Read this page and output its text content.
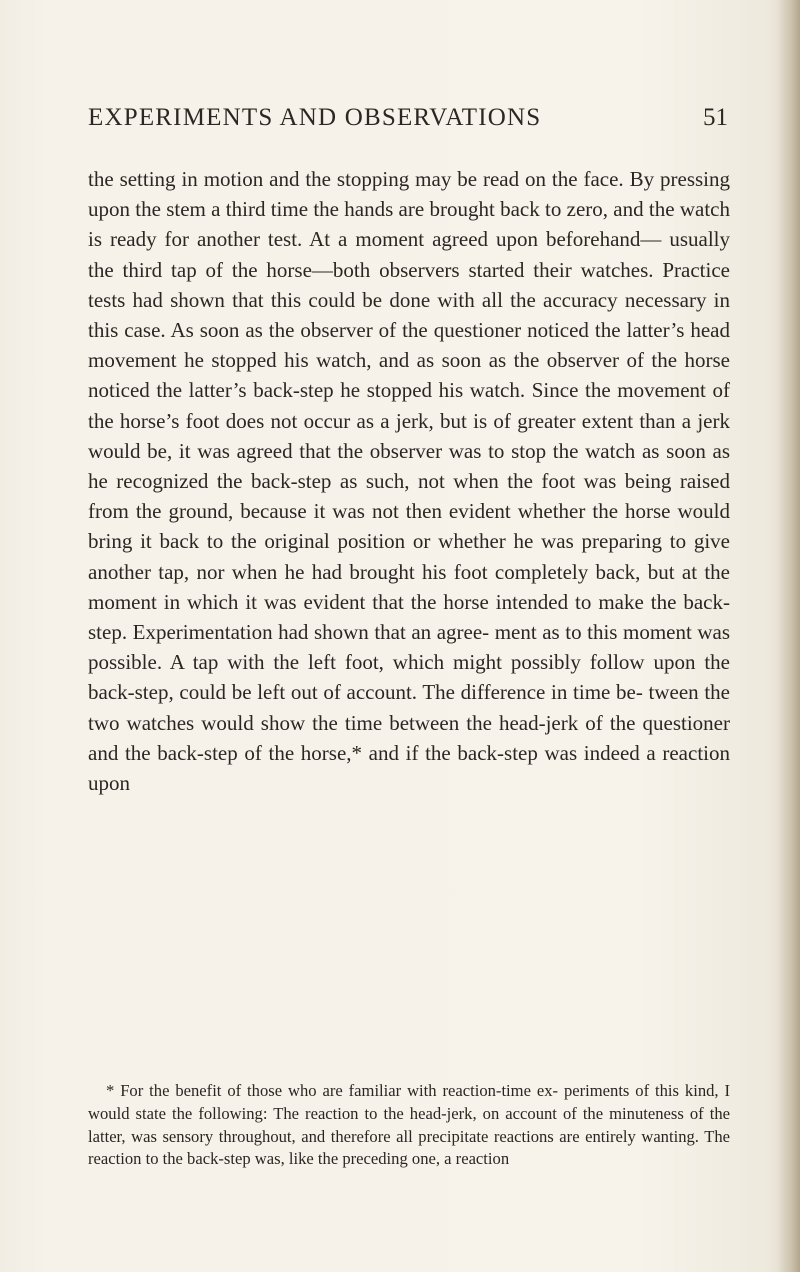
EXPERIMENTS AND OBSERVATIONS	51

the setting in motion and the stopping may be read on the face. By pressing upon the stem a third time the hands are brought back to zero, and the watch is ready for another test. At a moment agreed upon beforehand— usually the third tap of the horse—both observers started their watches. Practice tests had shown that this could be done with all the accuracy necessary in this case. As soon as the observer of the questioner noticed the latter’s head movement he stopped his watch, and as soon as the observer of the horse noticed the latter’s back-step he stopped his watch. Since the movement of the horse’s foot does not occur as a jerk, but is of greater extent than a jerk would be, it was agreed that the observer was to stop the watch as soon as he recognized the back-step as such, not when the foot was being raised from the ground, because it was not then evident whether the horse would bring it back to the original position or whether he was preparing to give another tap, nor when he had brought his foot completely back, but at the moment in which it was evident that the horse intended to make the back-step. Experimentation had shown that an agree- ment as to this moment was possible. A tap with the left foot, which might possibly follow upon the back-step, could be left out of account. The difference in time be- tween the two watches would show the time between the head-jerk of the questioner and the back-step of the horse,* and if the back-step was indeed a reaction upon

* For the benefit of those who are familiar with reaction-time ex- periments of this kind, I would state the following: The reaction to the head-jerk, on account of the minuteness of the latter, was sensory throughout, and therefore all precipitate reactions are entirely wanting. The reaction to the back-step was, like the preceding one, a reaction
